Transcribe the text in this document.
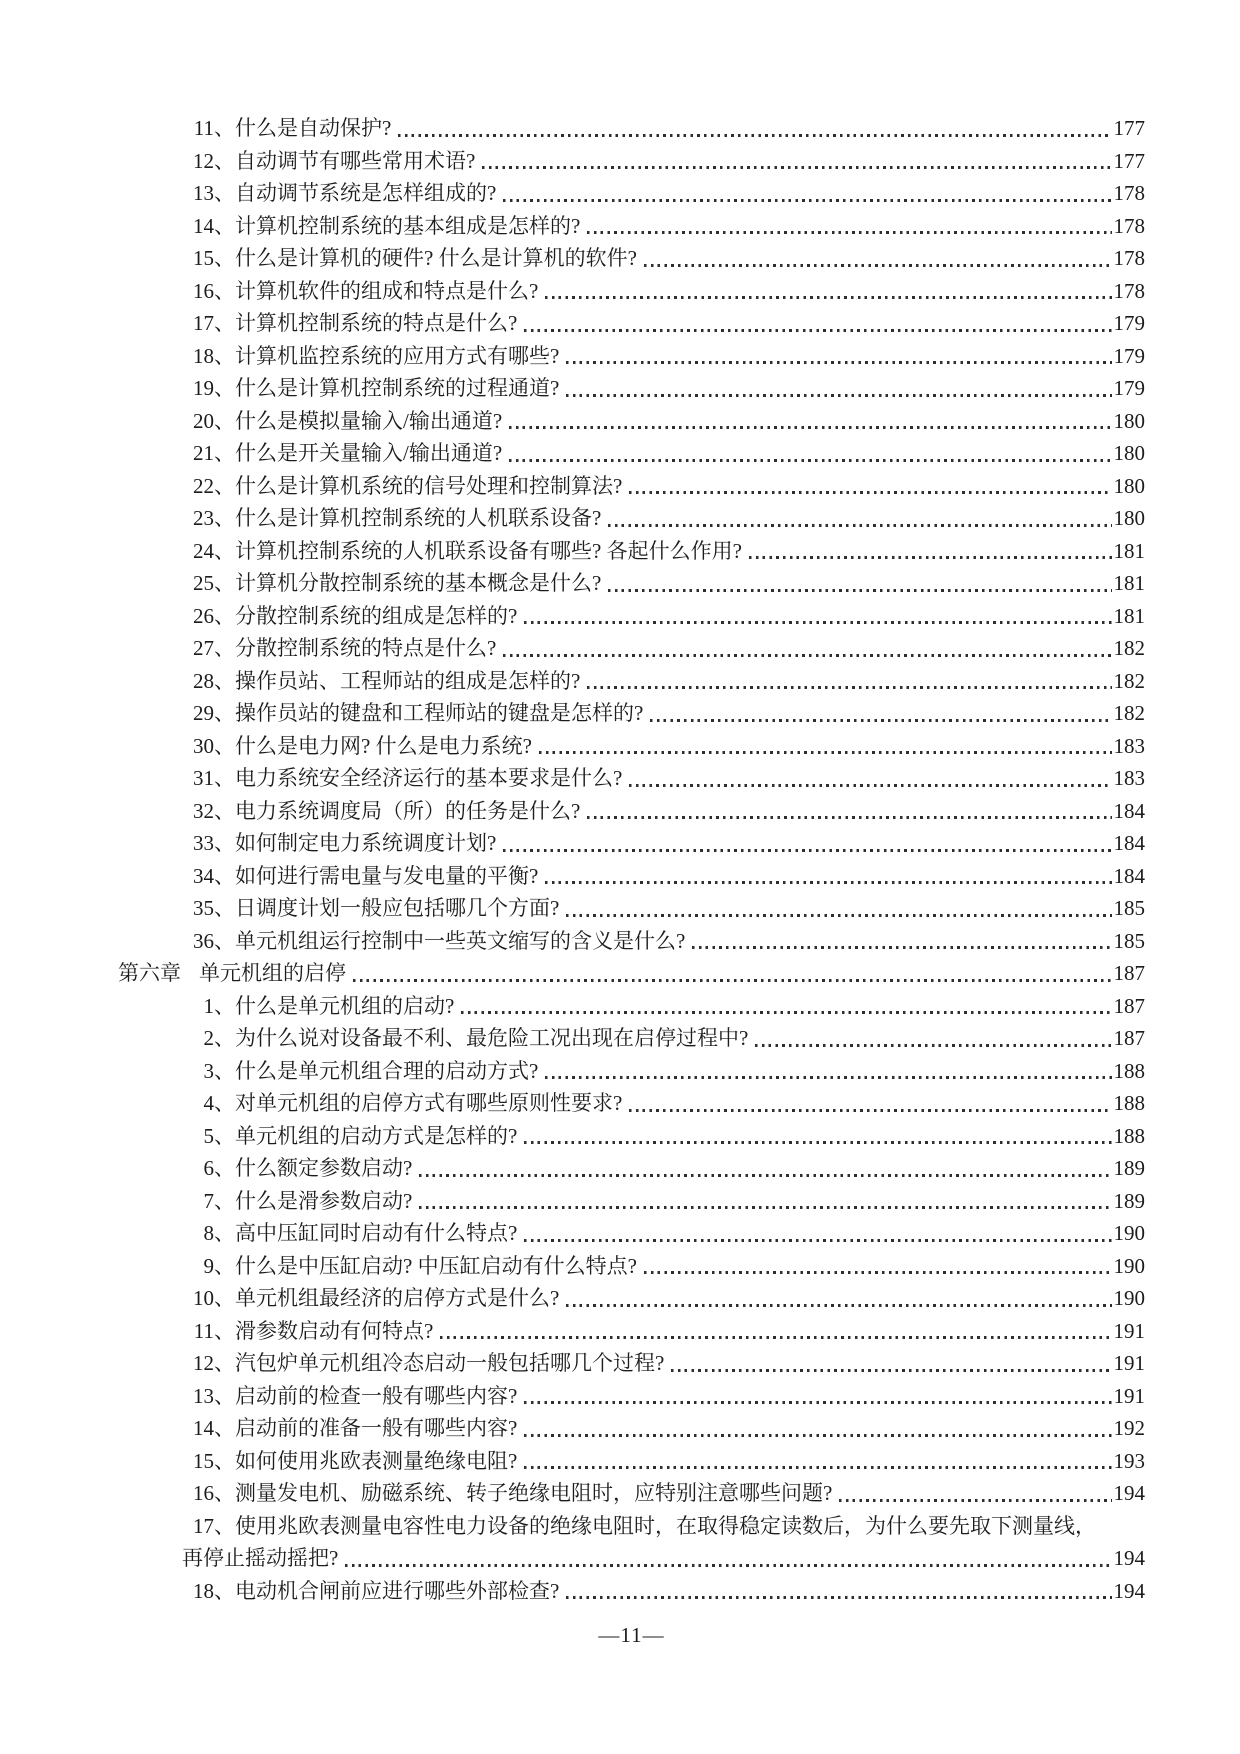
11、 什么是自动保护?	177
12、 自动调节有哪些常用术语?	177
13、 自动调节系统是怎样组成的?	178
14、 计算机控制系统的基本组成是怎样的?	178
15、 什么是计算机的硬件? 什么是计算机的软件?	178
16、 计算机软件的组成和特点是什么?	178
17、 计算机控制系统的特点是什么?	179
18、 计算机监控系统的应用方式有哪些?	179
19、 什么是计算机控制系统的过程通道?	179
20、 什么是模拟量输入/输出通道?	180
21、 什么是开关量输入/输出通道?	180
22、 什么是计算机系统的信号处理和控制算法?	180
23、 什么是计算机控制系统的人机联系设备?	180
24、 计算机控制系统的人机联系设备有哪些? 各起什么作用?	181
25、 计算机分散控制系统的基本概念是什么?	181
26、 分散控制系统的组成是怎样的?	181
27、 分散控制系统的特点是什么?	182
28、 操作员站、工程师站的组成是怎样的?	182
29、 操作员站的键盘和工程师站的键盘是怎样的?	182
30、 什么是电力网? 什么是电力系统?	183
31、 电力系统安全经济运行的基本要求是什么?	183
32、 电力系统调度局（所）的任务是什么?	184
33、 如何制定电力系统调度计划?	184
34、 如何进行需电量与发电量的平衡?	184
35、 日调度计划一般应包括哪几个方面?	185
36、 单元机组运行控制中一些英文缩写的含义是什么?	185
第六章 单元机组的启停	187
1、 什么是单元机组的启动?	187
2、 为什么说对设备最不利、最危险工况出现在启停过程中?	187
3、 什么是单元机组合理的启动方式?	188
4、 对单元机组的启停方式有哪些原则性要求?	188
5、 单元机组的启动方式是怎样的?	188
6、 什么额定参数启动?	189
7、 什么是滑参数启动?	189
8、 高中压缸同时启动有什么特点?	190
9、 什么是中压缸启动? 中压缸启动有什么特点?	190
10、 单元机组最经济的启停方式是什么?	190
11、 滑参数启动有何特点?	191
12、 汽包炉单元机组冷态启动一般包括哪几个过程?	191
13、 启动前的检查一般有哪些内容?	191
14、 启动前的准备一般有哪些内容?	192
15、 如何使用兆欧表测量绝缘电阻?	193
16、 测量发电机、励磁系统、转子绝缘电阻时，应特别注意哪些问题?	194
17、 使用兆欧表测量电容性电力设备的绝缘电阻时，在取得稳定读数后，为什么要先取下测量线，
再停止摇动摇把?	194
18、 电动机合闸前应进行哪些外部检查?	194
—11—
